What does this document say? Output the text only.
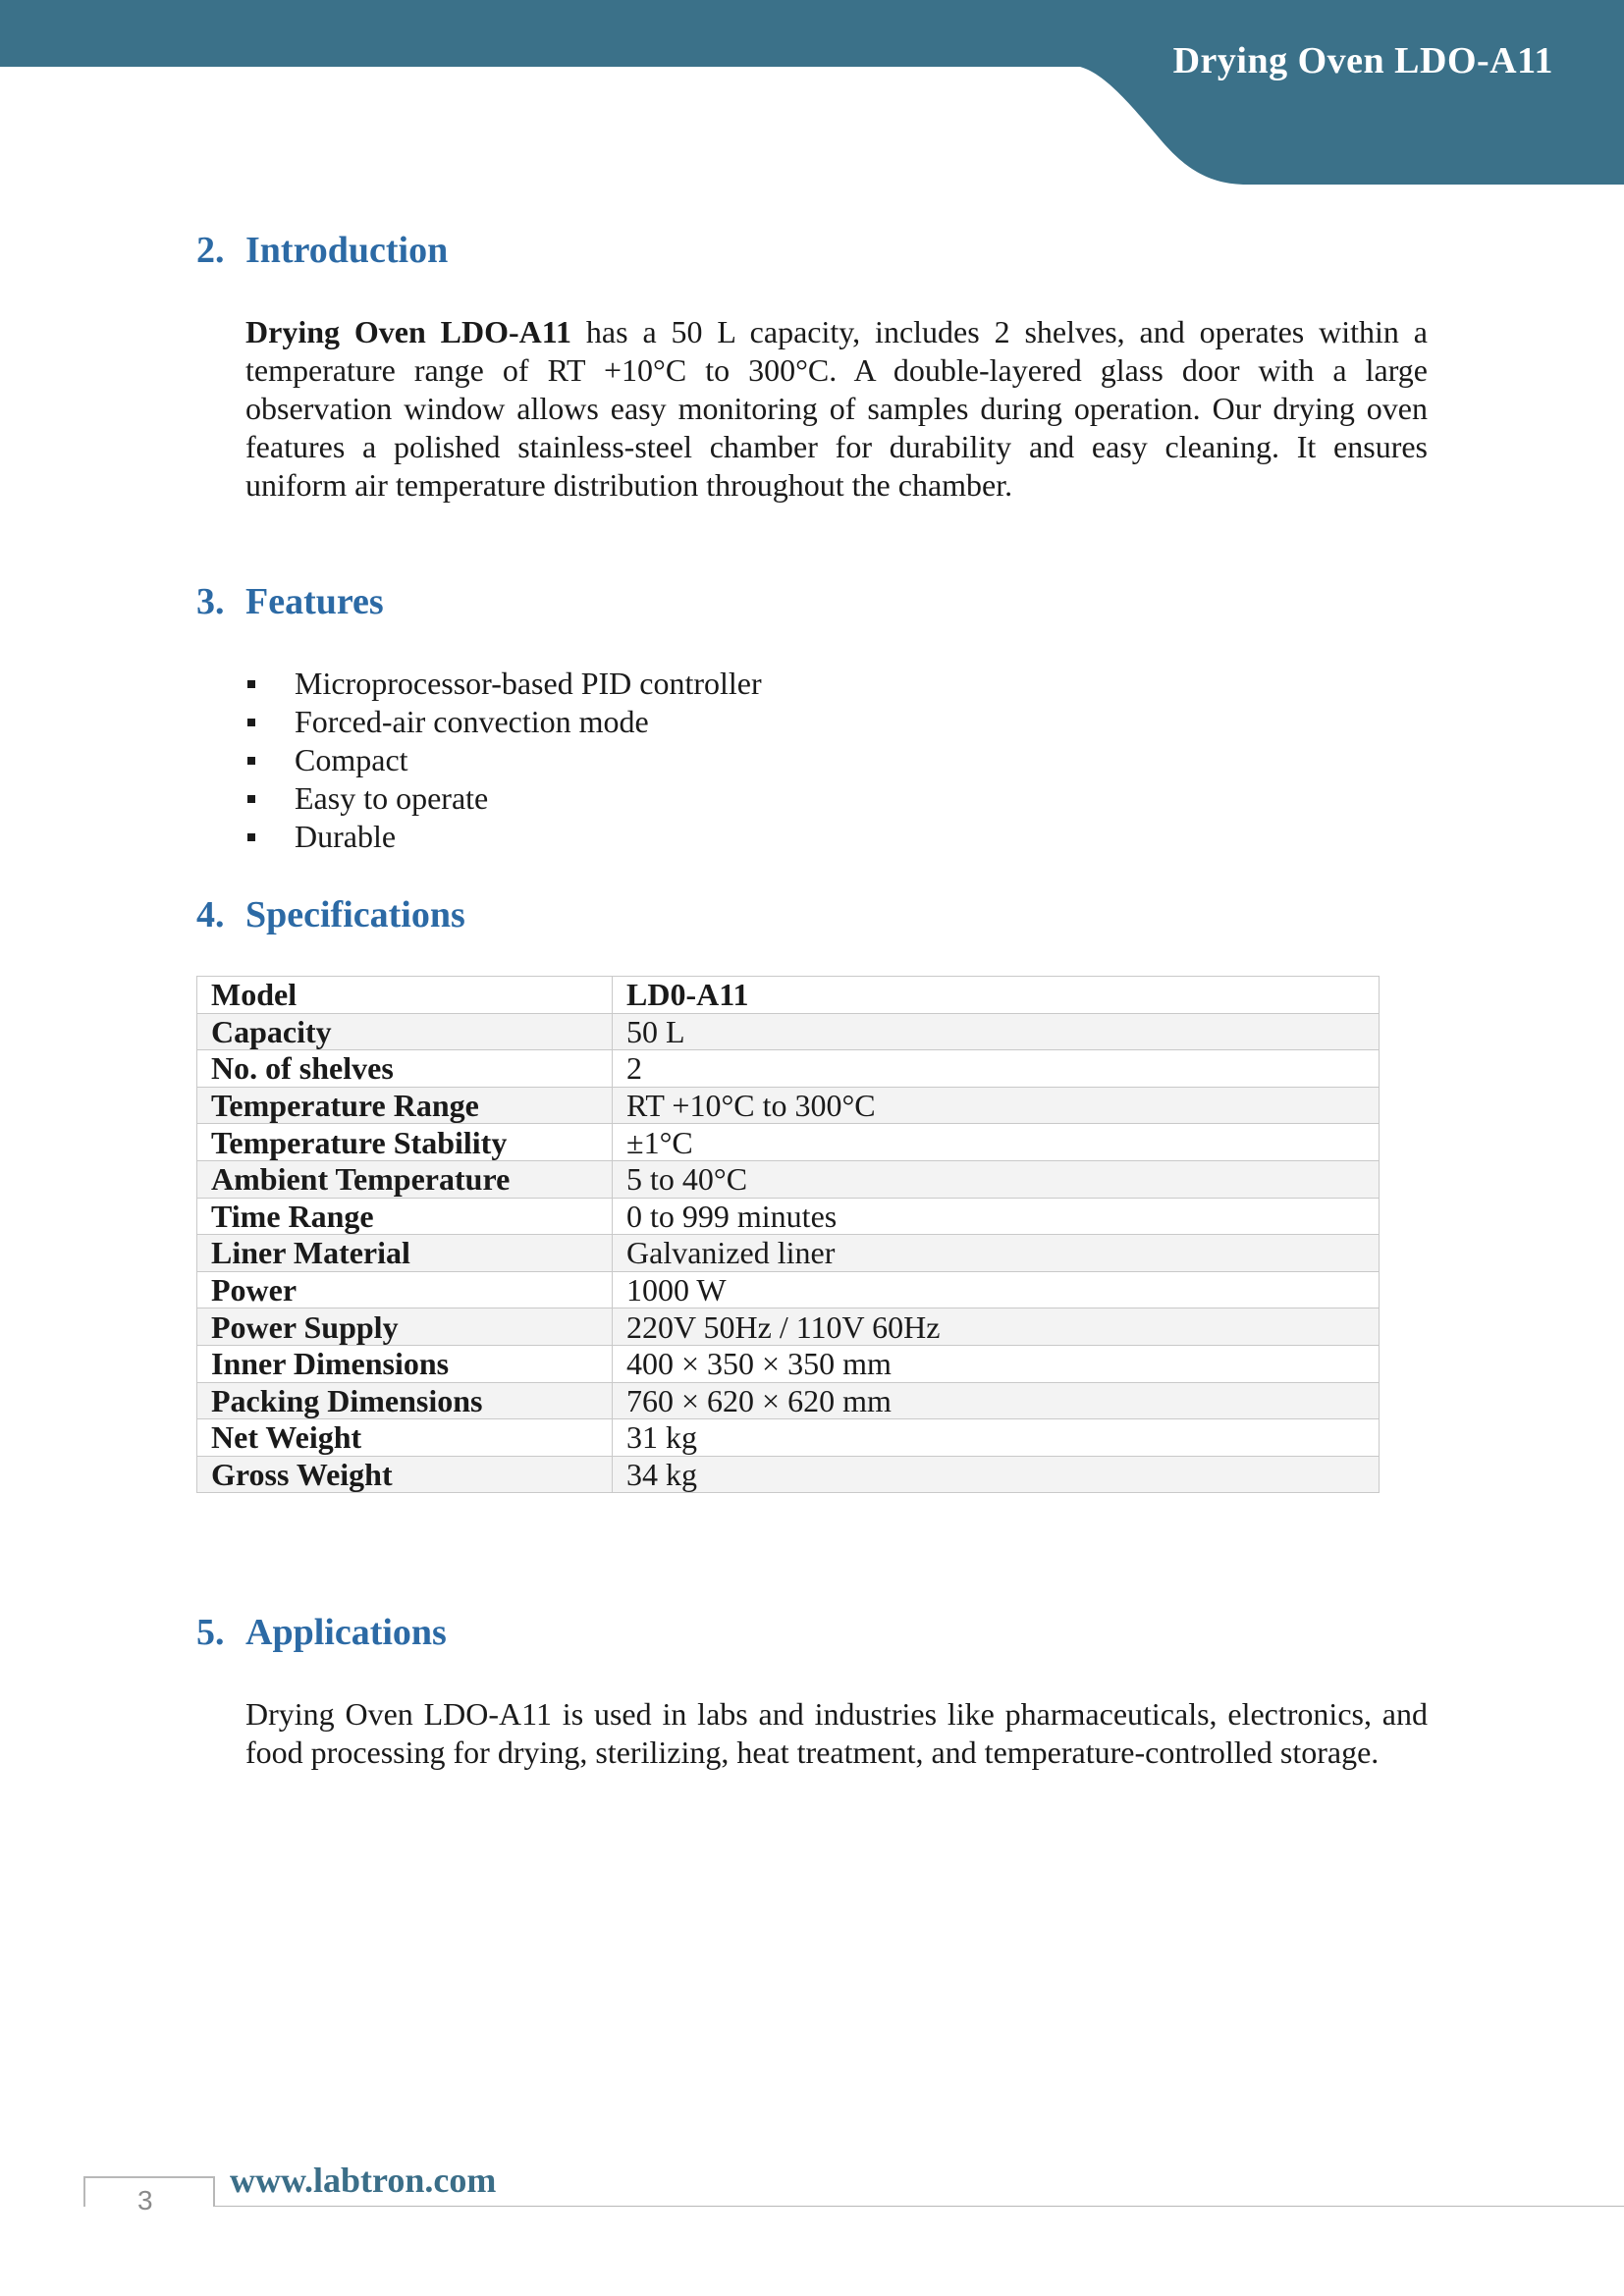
Drying Oven LDO-A11
2. Introduction

Drying Oven LDO-A11 has a 50 L capacity, includes 2 shelves, and operates within a temperature range of RT +10°C to 300°C. A double-layered glass door with a large observation window allows easy monitoring of samples during operation. Our drying oven features a polished stainless-steel chamber for durability and easy cleaning. It ensures uniform air temperature distribution throughout the chamber.

3. Features
Microprocessor-based PID controller
Forced-air convection mode
Compact
Easy to operate
Durable
4. Specifications
Model	LD0-A11
Capacity	50 L
No. of shelves	2
Temperature Range	RT +10°C to 300°C
Temperature Stability	±1°C
Ambient Temperature	5 to 40°C
Time Range	0 to 999 minutes
Liner Material	Galvanized liner
Power	1000 W
Power Supply	220V 50Hz / 110V 60Hz
Inner Dimensions	400 × 350 × 350 mm
Packing Dimensions	760 × 620 × 620 mm
Net Weight	31 kg
Gross Weight	34 kg
5. Applications

Drying Oven LDO-A11 is used in labs and industries like pharmaceuticals, electronics, and food processing for drying, sterilizing, heat treatment, and temperature-controlled storage.

3
www.labtron.com
